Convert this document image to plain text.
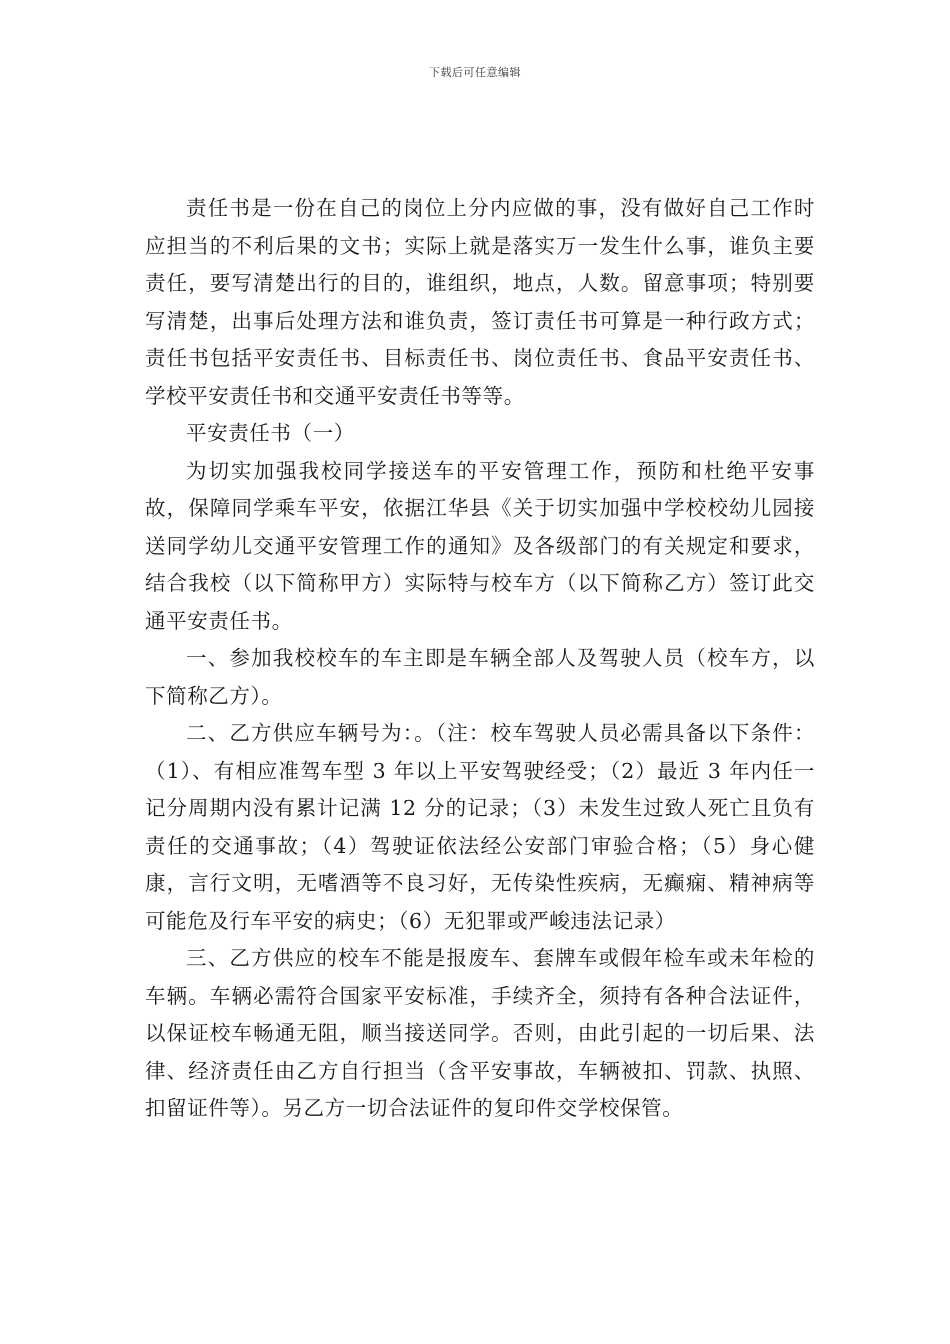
下载后可任意编辑

责任书是一份在自己的岗位上分内应做的事，没有做好自己工作时应担当的不利后果的文书；实际上就是落实万一发生什么事，谁负主要责任，要写清楚出行的目的，谁组织，地点，人数。留意事项；特别要写清楚，出事后处理方法和谁负责，签订责任书可算是一种行政方式；责任书包括平安责任书、目标责任书、岗位责任书、食品平安责任书、学校平安责任书和交通平安责任书等等。

平安责任书（一）

为切实加强我校同学接送车的平安管理工作，预防和杜绝平安事故，保障同学乘车平安，依据江华县《关于切实加强中学校校幼儿园接送同学幼儿交通平安管理工作的通知》及各级部门的有关规定和要求，结合我校（以下简称甲方）实际特与校车方（以下简称乙方）签订此交通平安责任书。

一、参加我校校车的车主即是车辆全部人及驾驶人员（校车方，以下简称乙方）。

二、乙方供应车辆号为：。（注：校车驾驶人员必需具备以下条件：（1）、有相应准驾车型 3 年以上平安驾驶经受；（2）最近 3 年内任一记分周期内没有累计记满 12 分的记录；（3）未发生过致人死亡且负有责任的交通事故；（4）驾驶证依法经公安部门审验合格；（5）身心健康，言行文明，无嗜酒等不良习好，无传染性疾病，无癫痫、精神病等可能危及行车平安的病史；（6）无犯罪或严峻违法记录）

三、乙方供应的校车不能是报废车、套牌车或假年检车或未年检的车辆。车辆必需符合国家平安标准，手续齐全，须持有各种合法证件，以保证校车畅通无阻，顺当接送同学。否则，由此引起的一切后果、法律、经济责任由乙方自行担当（含平安事故，车辆被扣、罚款、执照、扣留证件等）。另乙方一切合法证件的复印件交学校保管。
